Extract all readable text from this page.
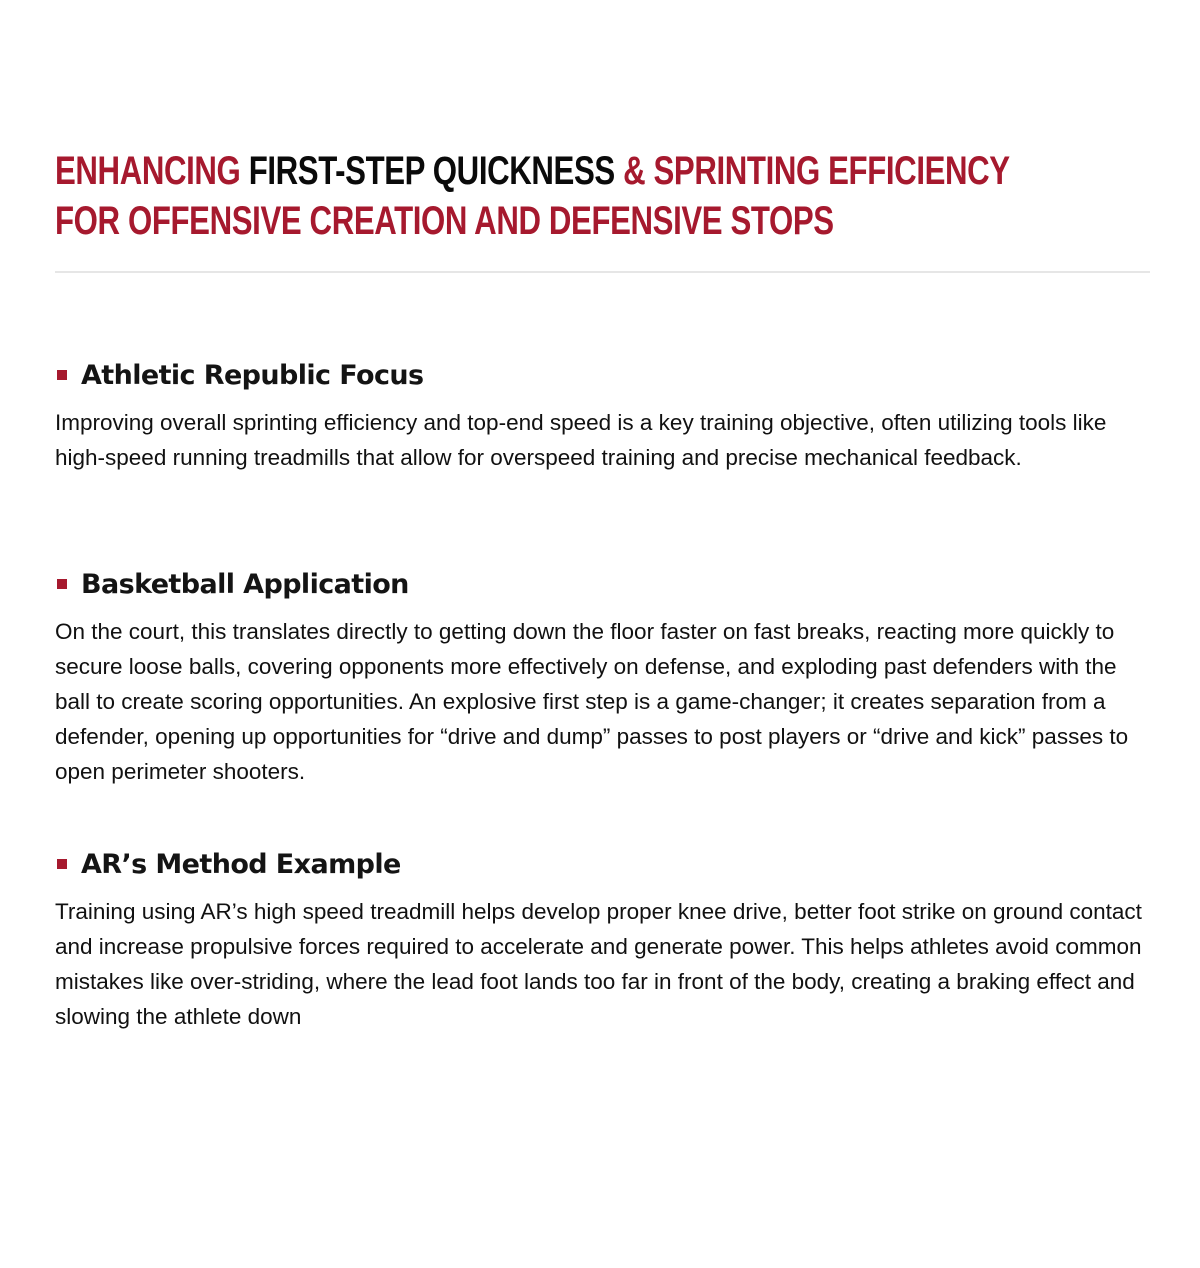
ENHANCING FIRST-STEP QUICKNESS & SPRINTING EFFICIENCY
FOR OFFENSIVE CREATION AND DEFENSIVE STOPS
Athletic Republic Focus

Improving overall sprinting efficiency and top-end speed is a key training objective, often utilizing tools like high-speed running treadmills that allow for overspeed training and precise mechanical feedback.

Basketball Application

On the court, this translates directly to getting down the floor faster on fast breaks, reacting more quickly to secure loose balls, covering opponents more effectively on defense, and exploding past defenders with the ball to create scoring opportunities. An explosive first step is a game-changer; it creates separation from a defender, opening up opportunities for “drive and dump” passes to post players or “drive and kick” passes to open perimeter shooters.

AR’s Method Example

Training using AR’s high speed treadmill helps develop proper knee drive, better foot strike on ground contact and increase propulsive forces required to accelerate and generate power. This helps athletes avoid common mistakes like over-striding, where the lead foot lands too far in front of the body, creating a braking effect and slowing the athlete down
